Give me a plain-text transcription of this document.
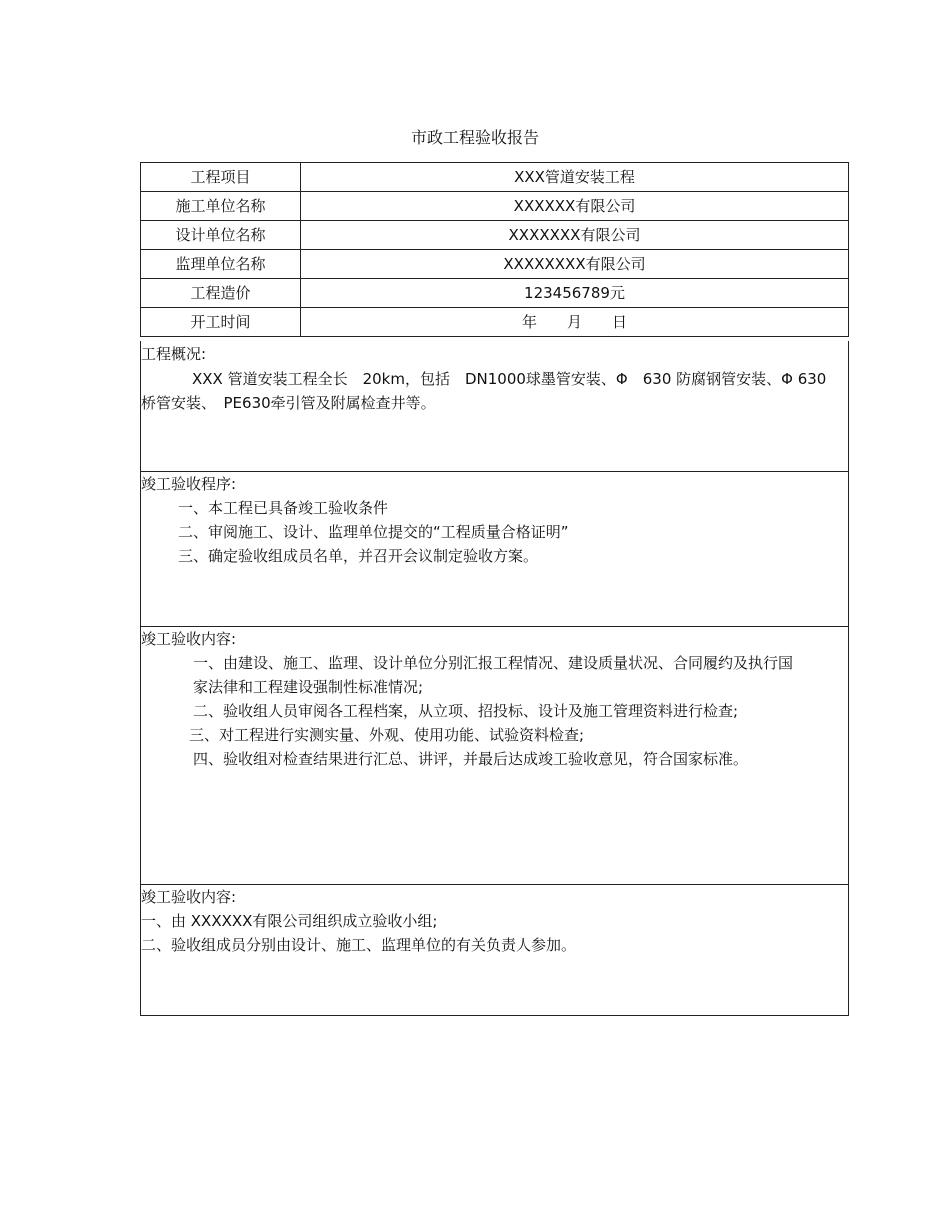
市政工程验收报告
工程项目	XXX管道安装工程
施工单位名称	XXXXXX有限公司
设计单位名称	XXXXXXX有限公司
监理单位名称	XXXXXXXX有限公司
工程造价	123456789元
开工时间	年　　月　　日

工程概况:

XXX 管道安装工程全长　20km，包括　DN1000球墨管安装、Φ　630 防腐钢管安装、Φ 630 桥管安装、　PE630牵引管及附属检查井等。

竣工验收程序:

一、本工程已具备竣工验收条件

二、审阅施工、设计、监理单位提交的“工程质量合格证明”

三、确定验收组成员名单，并召开会议制定验收方案。

竣工验收内容:

一、由建设、施工、监理、设计单位分别汇报工程情况、建设质量状况、合同履约及执行国家法律和工程建设强制性标准情况;

二、验收组人员审阅各工程档案，从立项、招投标、设计及施工管理资料进行检查;

三、对工程进行实测实量、外观、使用功能、试验资料检查;

四、验收组对检查结果进行汇总、讲评，并最后达成竣工验收意见，符合国家标准。

竣工验收内容:

一、由 XXXXXX有限公司组织成立验收小组;

二、验收组成员分别由设计、施工、监理单位的有关负责人参加。
